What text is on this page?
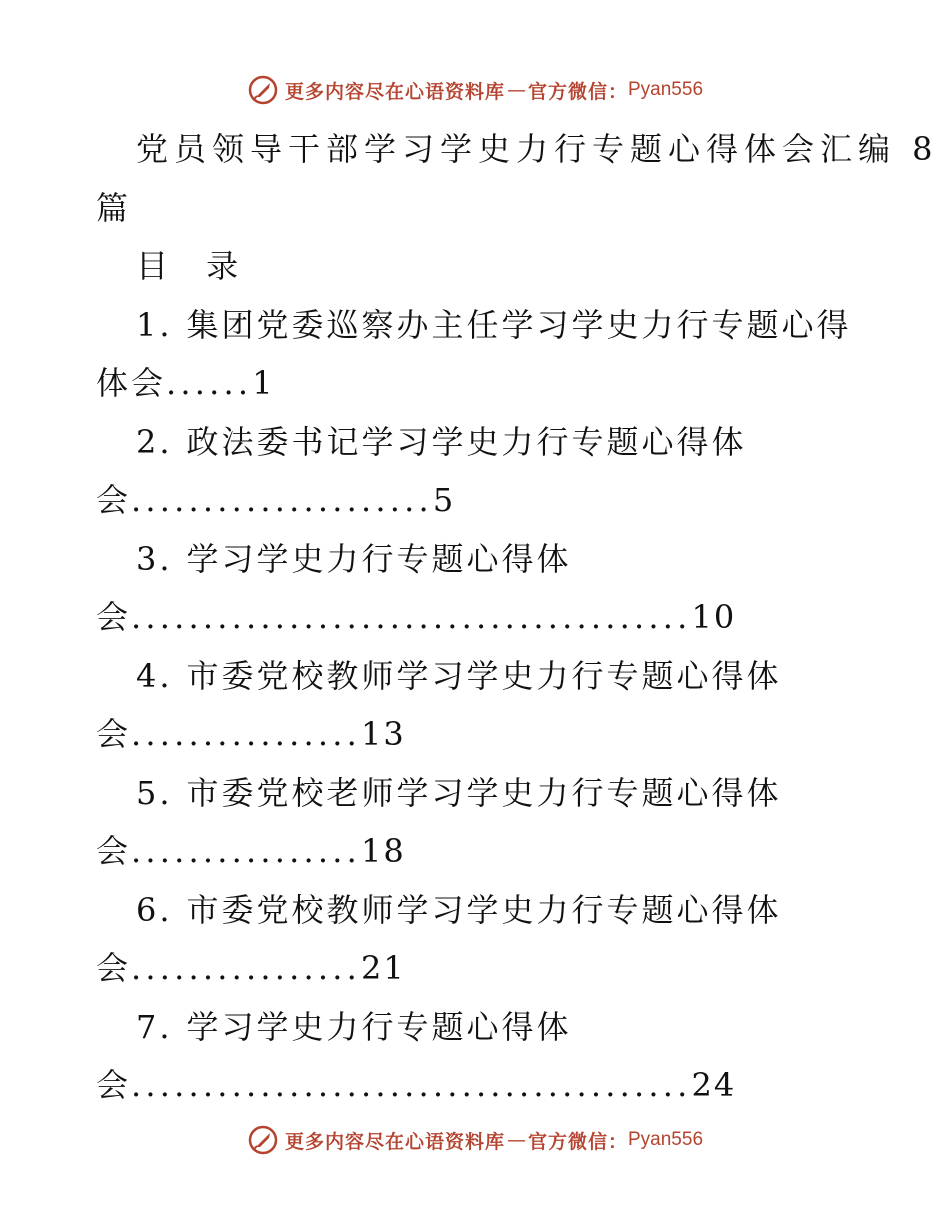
更多内容尽在心语资料库 — 官方微信： Pyan556
党员领导干部学习学史力行专题心得体会汇编 8
篇
目 录
1. 集团党委巡察办主任学习学史力行专题心得
体会......1
2. 政法委书记学习学史力行专题心得体
会.....................5
3. 学习学史力行专题心得体
会.......................................10
4. 市委党校教师学习学史力行专题心得体
会................13
5. 市委党校老师学习学史力行专题心得体
会................18
6. 市委党校教师学习学史力行专题心得体
会................21
7. 学习学史力行专题心得体
会.......................................24
更多内容尽在心语资料库 — 官方微信： Pyan556
